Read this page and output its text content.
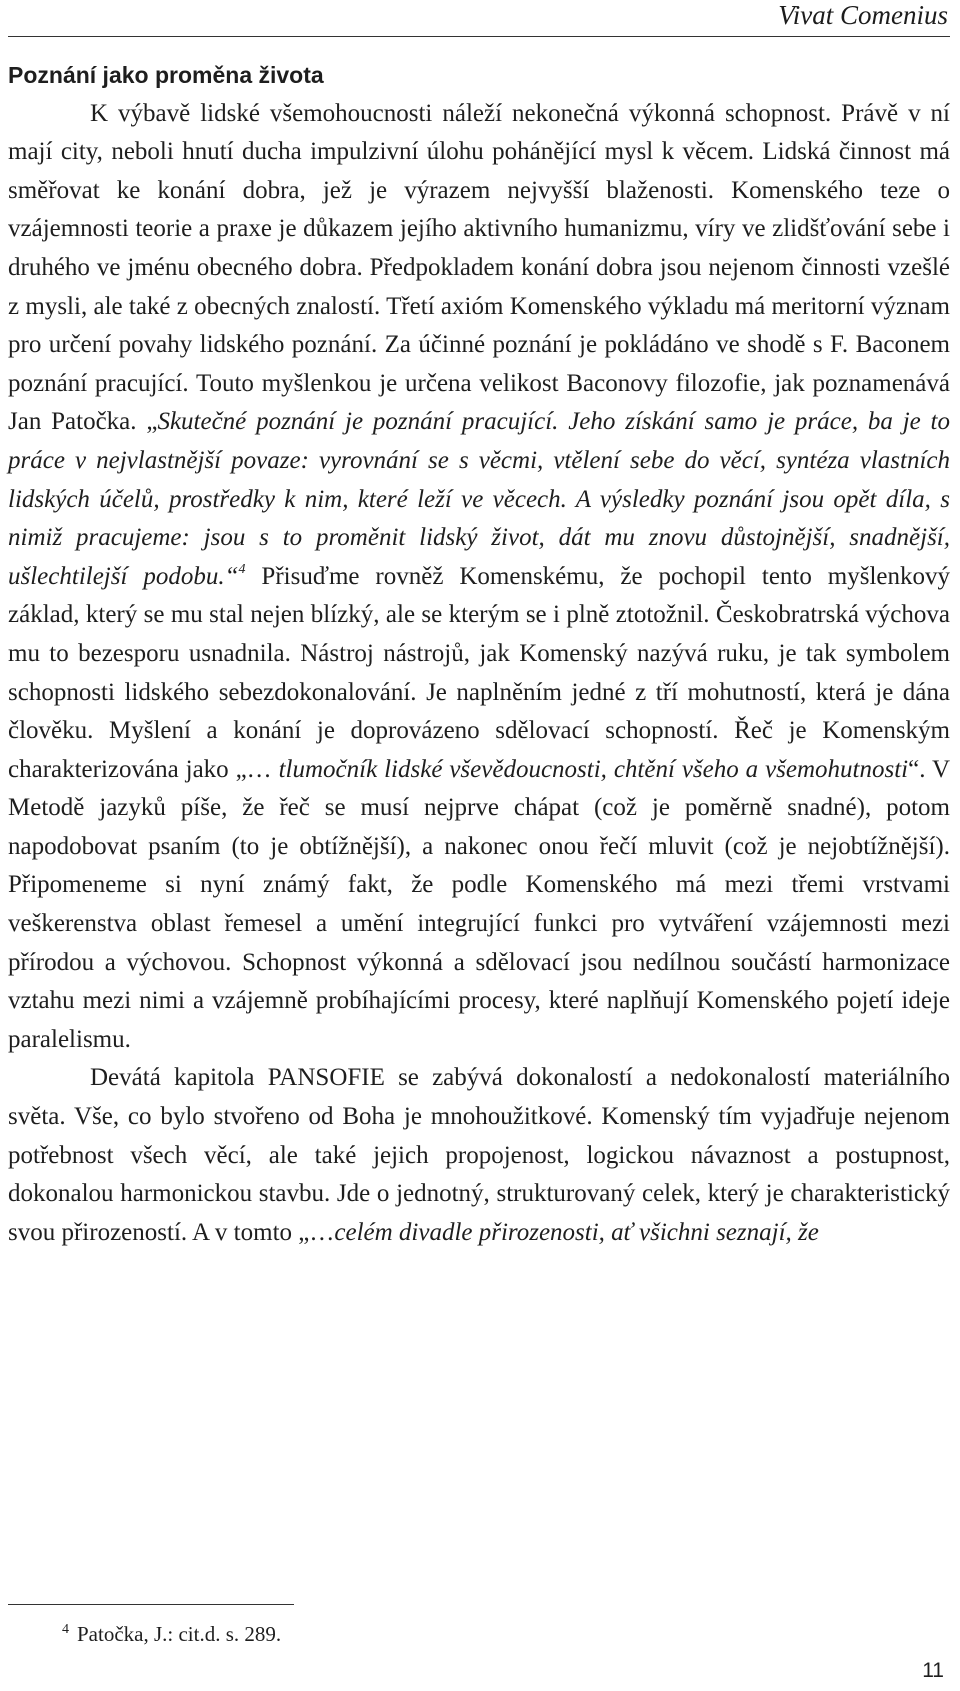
Vivat Comenius
Poznání jako proměna života

K výbavě lidské všemohoucnosti náleží nekonečná výkonná schopnost. Právě v ní mají city, neboli hnutí ducha impulzivní úlohu pohánějící mysl k věcem. Lidská činnost má směřovat ke konání dobra, jež je výrazem nejvyšší blaženosti. Komenského teze o vzájemnosti teorie a praxe je důkazem jejího aktivního humanizmu, víry ve zlidšťování sebe i druhého ve jménu obecného dobra. Předpokladem konání dobra jsou nejenom činnosti vzešlé z mysli, ale také z obecných znalostí. Třetí axióm Komenského výkladu má meritorní význam pro určení povahy lidského poznání. Za účinné poznání je pokládáno ve shodě s F. Baconem poznání pracující. Touto myšlenkou je určena velikost Baconovy filozofie, jak poznamenává Jan Patočka. „Skutečné poznání je poznání pracující. Jeho získání samo je práce, ba je to práce v nejvlastnější povaze: vyrovnání se s věcmi, vtělení sebe do věcí, syntéza vlastních lidských účelů, prostředky k nim, které leží ve věcech. A výsledky poznání jsou opět díla, s nimiž pracujeme: jsou s to proměnit lidský život, dát mu znovu důstojnější, snadnější, ušlechtilejší podobu.“$^4$ Přisuďme rovněž Komenskému, že pochopil tento myšlenkový základ, který se mu stal nejen blízký, ale se kterým se i plně ztotožnil. Českobratrská výchova mu to bezesporu usnadnila. Nástroj nástrojů, jak Komenský nazývá ruku, je tak symbolem schopnosti lidského sebezdokonalování. Je naplněním jedné z tří mohutností, která je dána člověku. Myšlení a konání je doprovázeno sdělovací schopností. Řeč je Komenským charakterizována jako „… tlumočník lidské vševědoucnosti, chtění všeho a všemohutnosti“. V Metodě jazyků píše, že řeč se musí nejprve chápat (což je poměrně snadné), potom napodobovat psaním (to je obtížnější), a nakonec onou řečí mluvit (což je nejobtížnější). Připomeneme si nyní známý fakt, že podle Komenského má mezi třemi vrstvami veškerenstva oblast řemesel a umění integrující funkci pro vytváření vzájemnosti mezi přírodou a výchovou. Schopnost výkonná a sdělovací jsou nedílnou součástí harmonizace vztahu mezi nimi a vzájemně probíhajícími procesy, které naplňují Komenského pojetí ideje paralelismu.

Devátá kapitola PANSOFIE se zabývá dokonalostí a nedokonalostí materiálního světa. Vše, co bylo stvořeno od Boha je mnohoužitkové. Komenský tím vyjadřuje nejenom potřebnost všech věcí, ale také jejich propojenost, logickou návaznost a postupnost, dokonalou harmonickou stavbu. Jde o jednotný, strukturovaný celek, který je charakteristický svou přirozeností. A v tomto „…celém divadle přirozenosti, ať všichni seznají, že

$^4$ Patočka, J.: cit.d. s. 289.
11
